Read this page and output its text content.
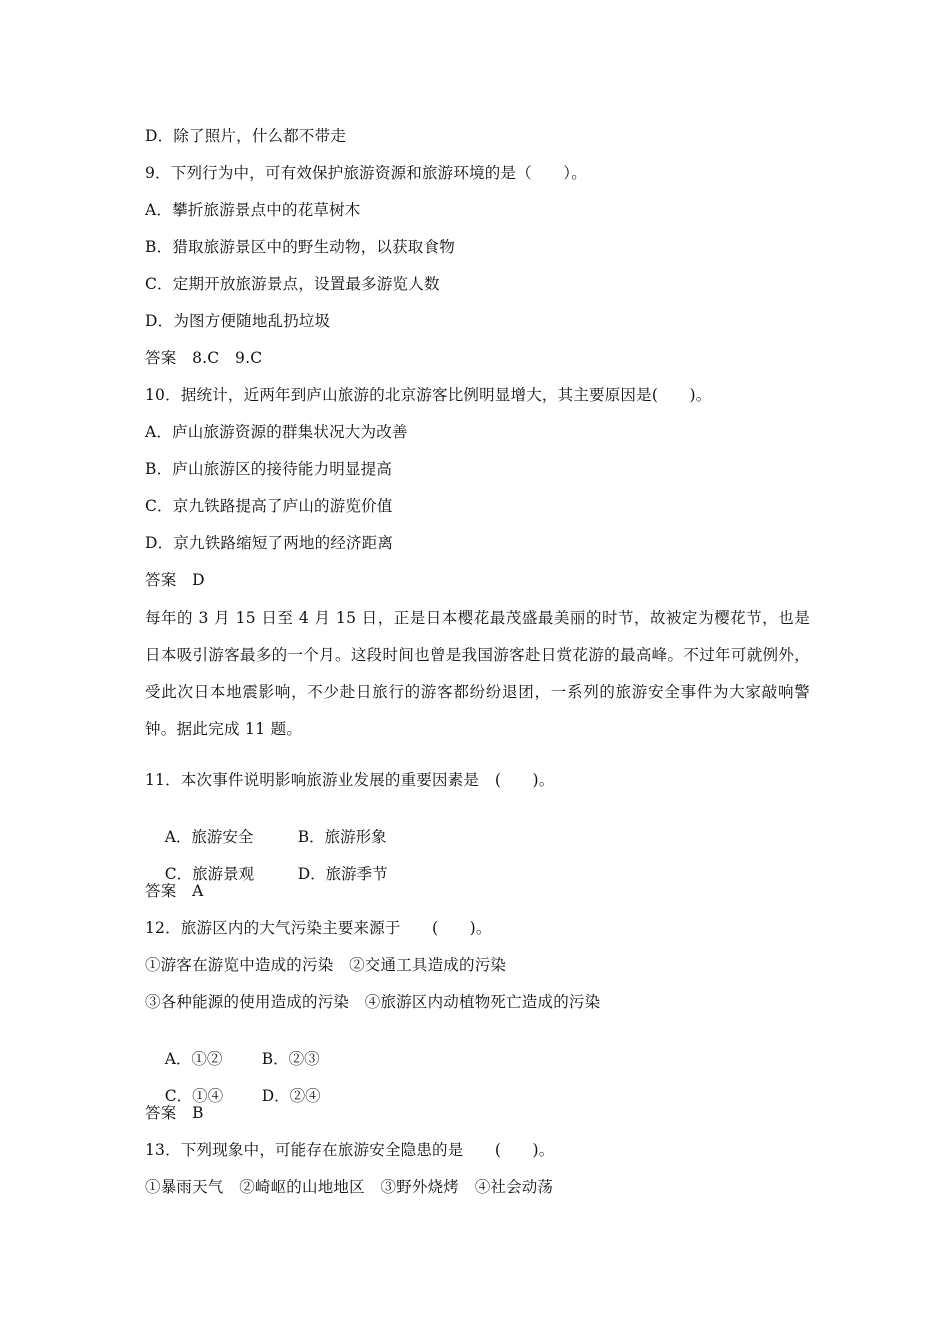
D．除了照片，什么都不带走
9．下列行为中，可有效保护旅游资源和旅游环境的是（　　）。
A．攀折旅游景点中的花草树木
B．猎取旅游景区中的野生动物，以获取食物
C．定期开放旅游景点，设置最多游览人数
D．为图方便随地乱扔垃圾
答案　8.C　9.C
10．据统计，近两年到庐山旅游的北京游客比例明显增大，其主要原因是(　　)。
A．庐山旅游资源的群集状况大为改善
B．庐山旅游区的接待能力明显提高
C．京九铁路提高了庐山的游览价值
D．京九铁路缩短了两地的经济距离
答案　D
每年的 3 月 15 日至 4 月 15 日，正是日本樱花最茂盛最美丽的时节，故被定为樱花节，也是日本吸引游客最多的一个月。这段时间也曾是我国游客赴日赏花游的最高峰。不过年可就例外，受此次日本地震影响，不少赴日旅行的游客都纷纷退团，一系列的旅游安全事件为大家敲响警钟。据此完成 11 题。
11．本次事件说明影响旅游业发展的重要因素是　(　　)。

A．旅游安全	B．旅游形象

C．旅游景观	D．旅游季节

答案　A
12．旅游区内的大气污染主要来源于　　(　　)。
①游客在游览中造成的污染　②交通工具造成的污染
③各种能源的使用造成的污染　④旅游区内动植物死亡造成的污染

A．①②	B．②③

C．①④ D．②④

答案　B
13．下列现象中，可能存在旅游安全隐患的是　　(　　)。
①暴雨天气　②崎岖的山地地区　③野外烧烤　④社会动荡
